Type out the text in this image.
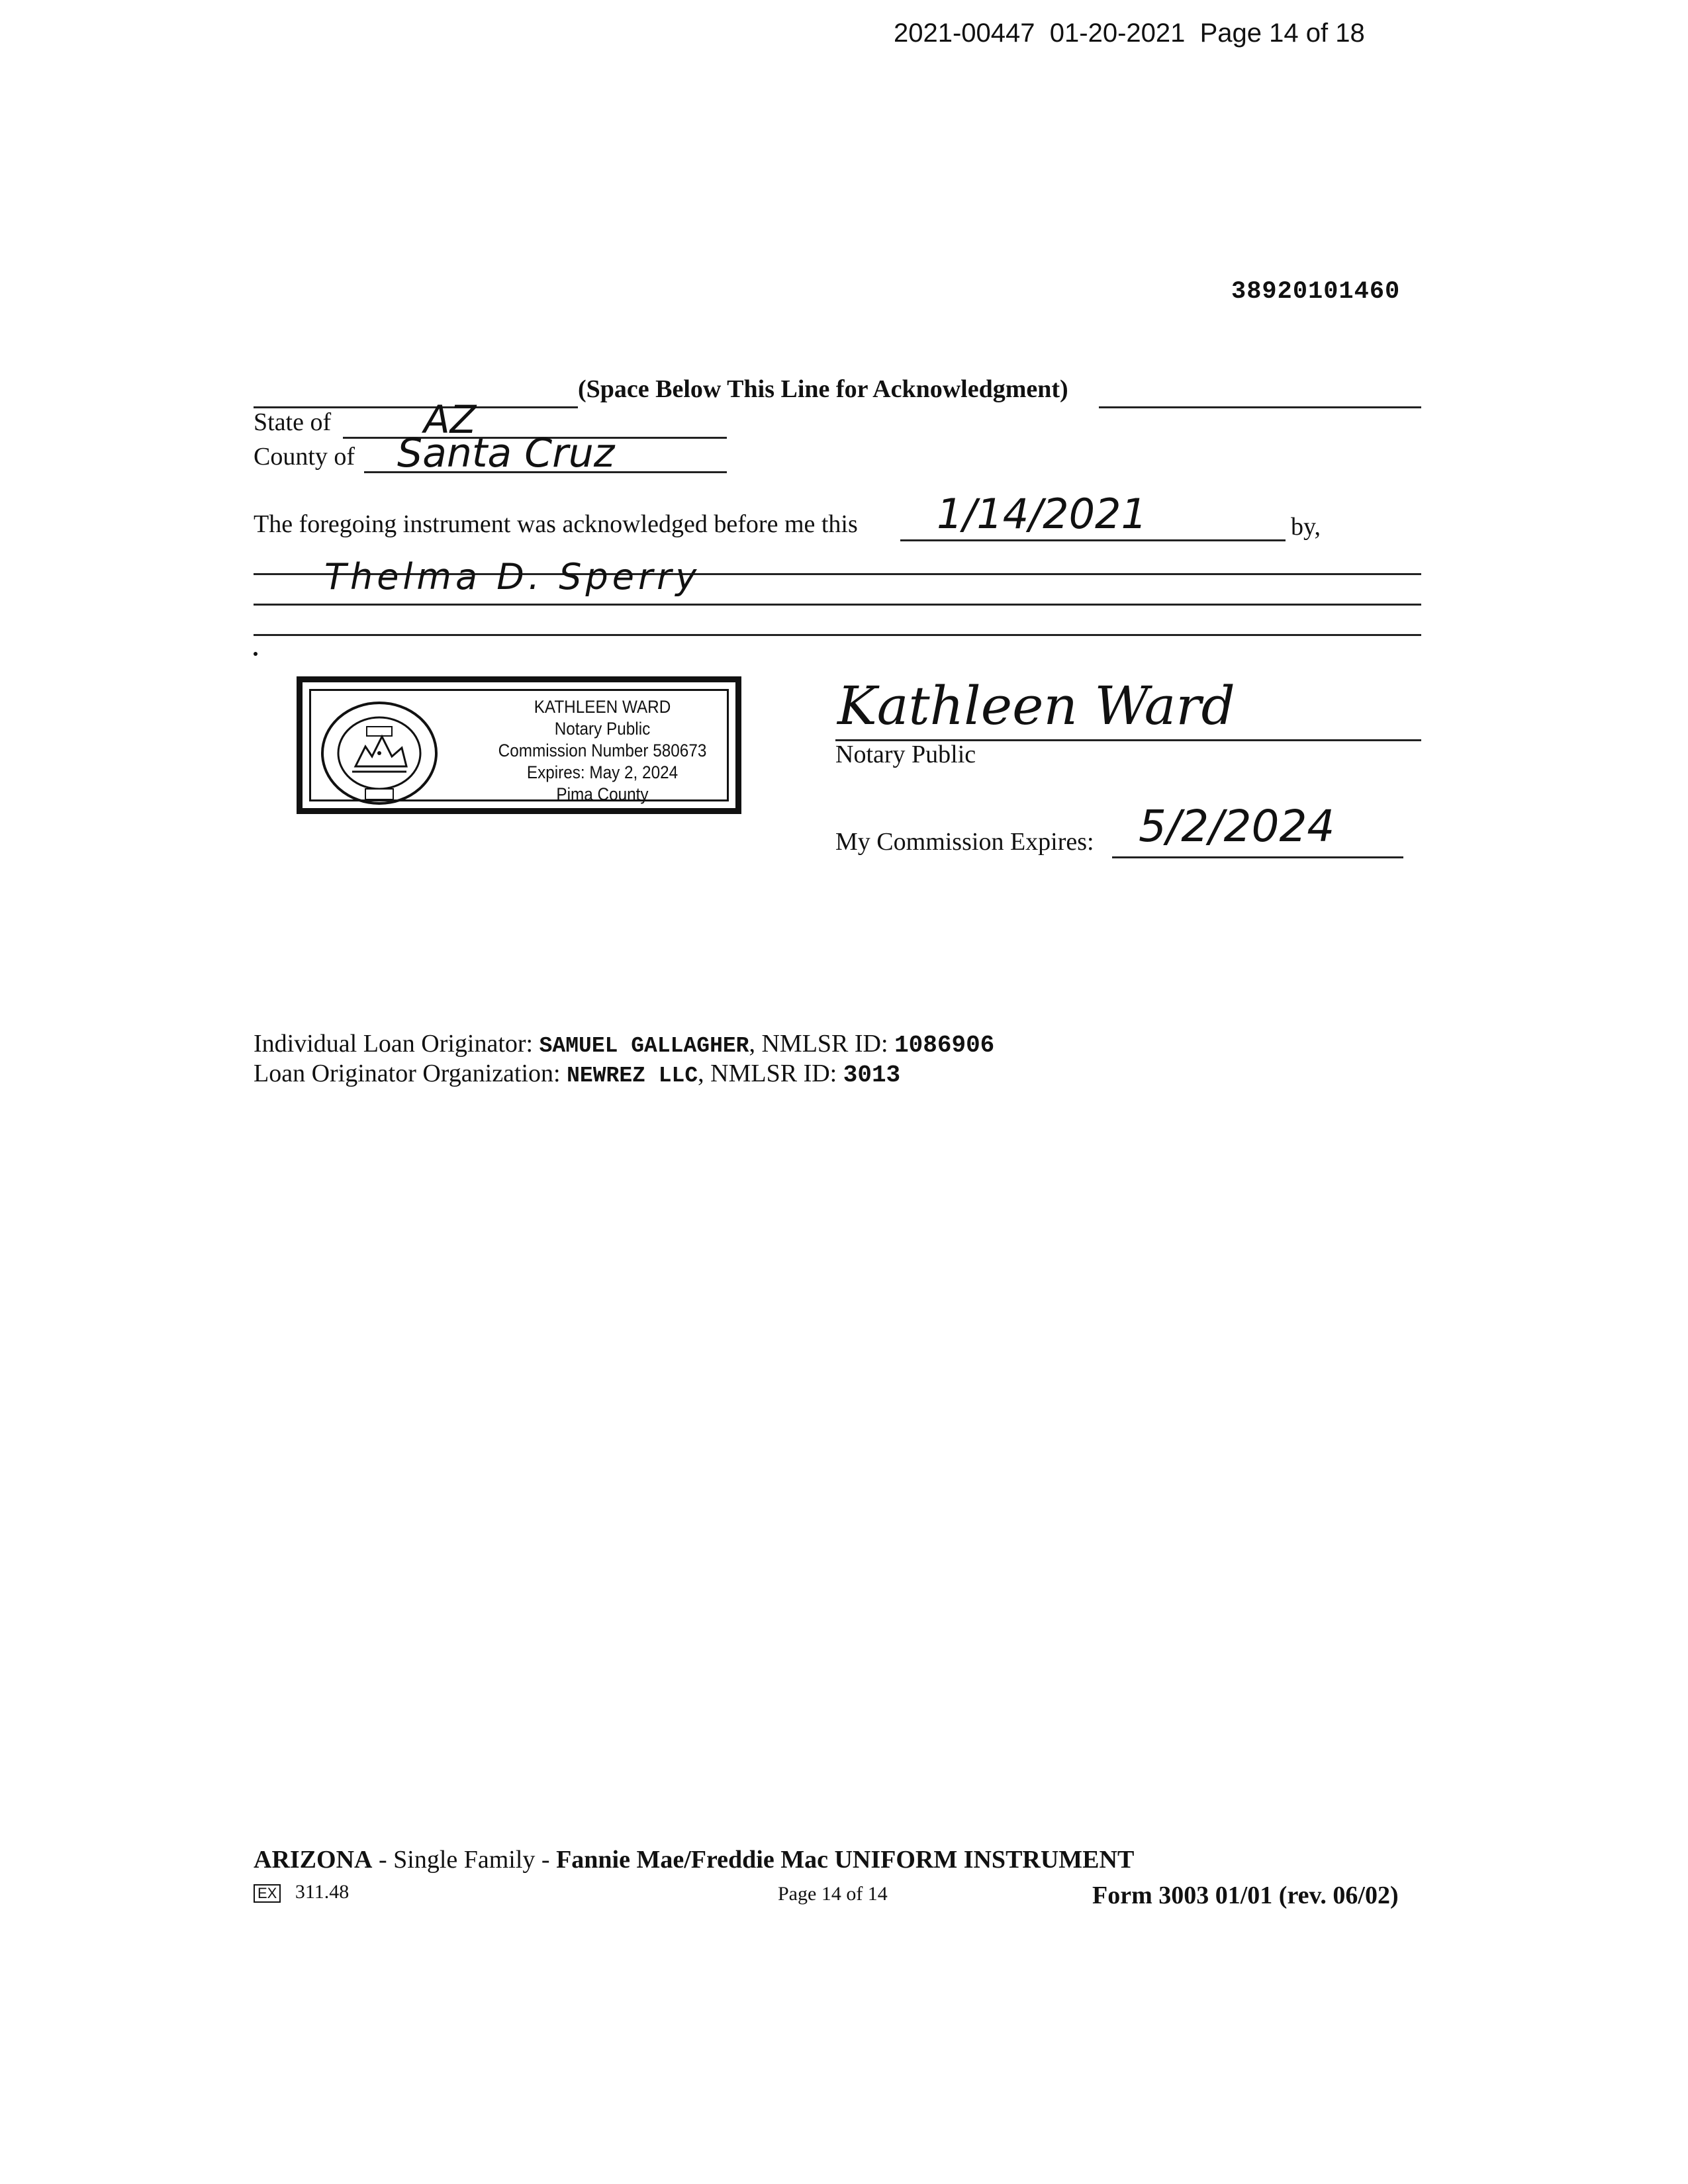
2021-00447 01-20-2021 Page 14 of 18
38920101460
(Space Below This Line for Acknowledgment)
State of AZ
County of Santa Cruz
The foregoing instrument was acknowledged before me this 1/14/2021	by,
Thelma D. Sperry
KATHLEEN WARD
Notary Public
Commission Number 580673
Expires: May 2, 2024
Pima County
Kathleen Ward
Notary Public
My Commission Expires: 5/2/2024
Individual Loan Originator: SAMUEL GALLAGHER, NMLSR ID: 1086906
Loan Originator Organization: NEWREZ LLC, NMLSR ID: 3013
ARIZONA - Single Family - Fannie Mae/Freddie Mac UNIFORM INSTRUMENT
EX 311.48	Page 14 of 14	Form 3003 01/01 (rev. 06/02)
